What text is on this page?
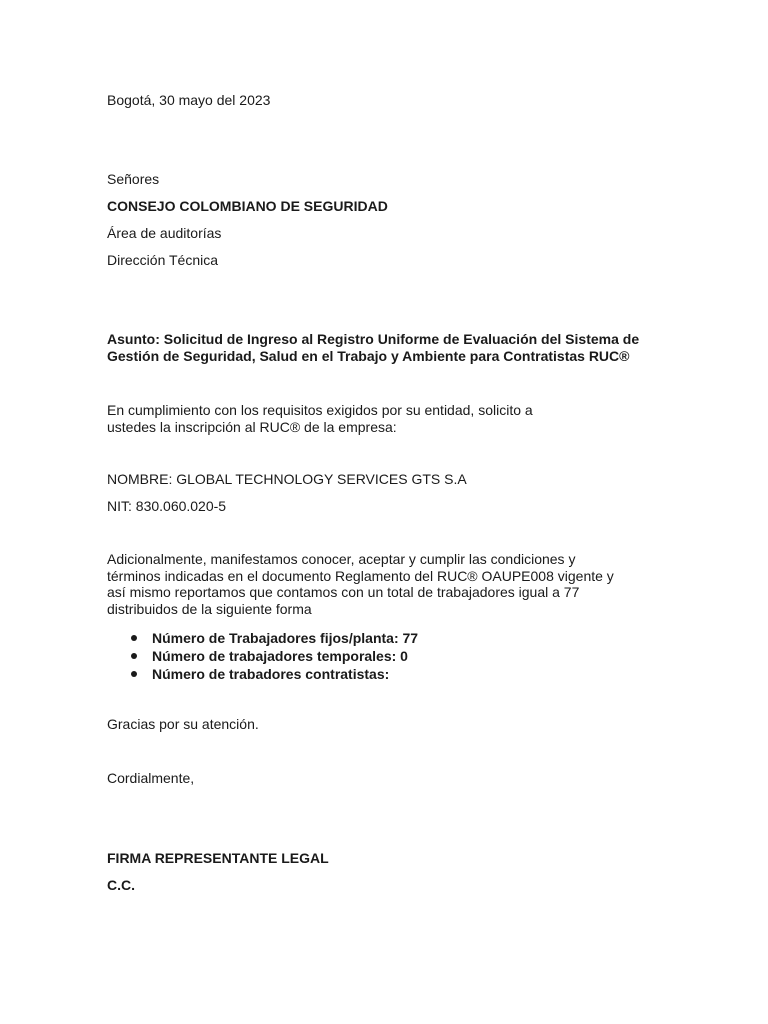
Bogotá, 30 mayo del 2023
Señores
CONSEJO COLOMBIANO DE SEGURIDAD
Área de auditorías
Dirección Técnica
Asunto: Solicitud de Ingreso al Registro Uniforme de Evaluación del Sistema de Gestión de Seguridad, Salud en el Trabajo y Ambiente para Contratistas RUC®
En cumplimiento con los requisitos exigidos por su entidad, solicito a ustedes la inscripción al RUC® de la empresa:
NOMBRE: GLOBAL TECHNOLOGY SERVICES GTS S.A
NIT: 830.060.020-5
Adicionalmente, manifestamos conocer, aceptar y cumplir las condiciones y términos indicadas en el documento Reglamento del RUC® OAUPE008 vigente y así mismo reportamos que contamos con un total de trabajadores igual a 77 distribuidos de la siguiente forma
Número de Trabajadores fijos/planta: 77
Número de trabajadores temporales: 0
Número de trabadores contratistas:
Gracias por su atención.
Cordialmente,
FIRMA REPRESENTANTE LEGAL
C.C.
